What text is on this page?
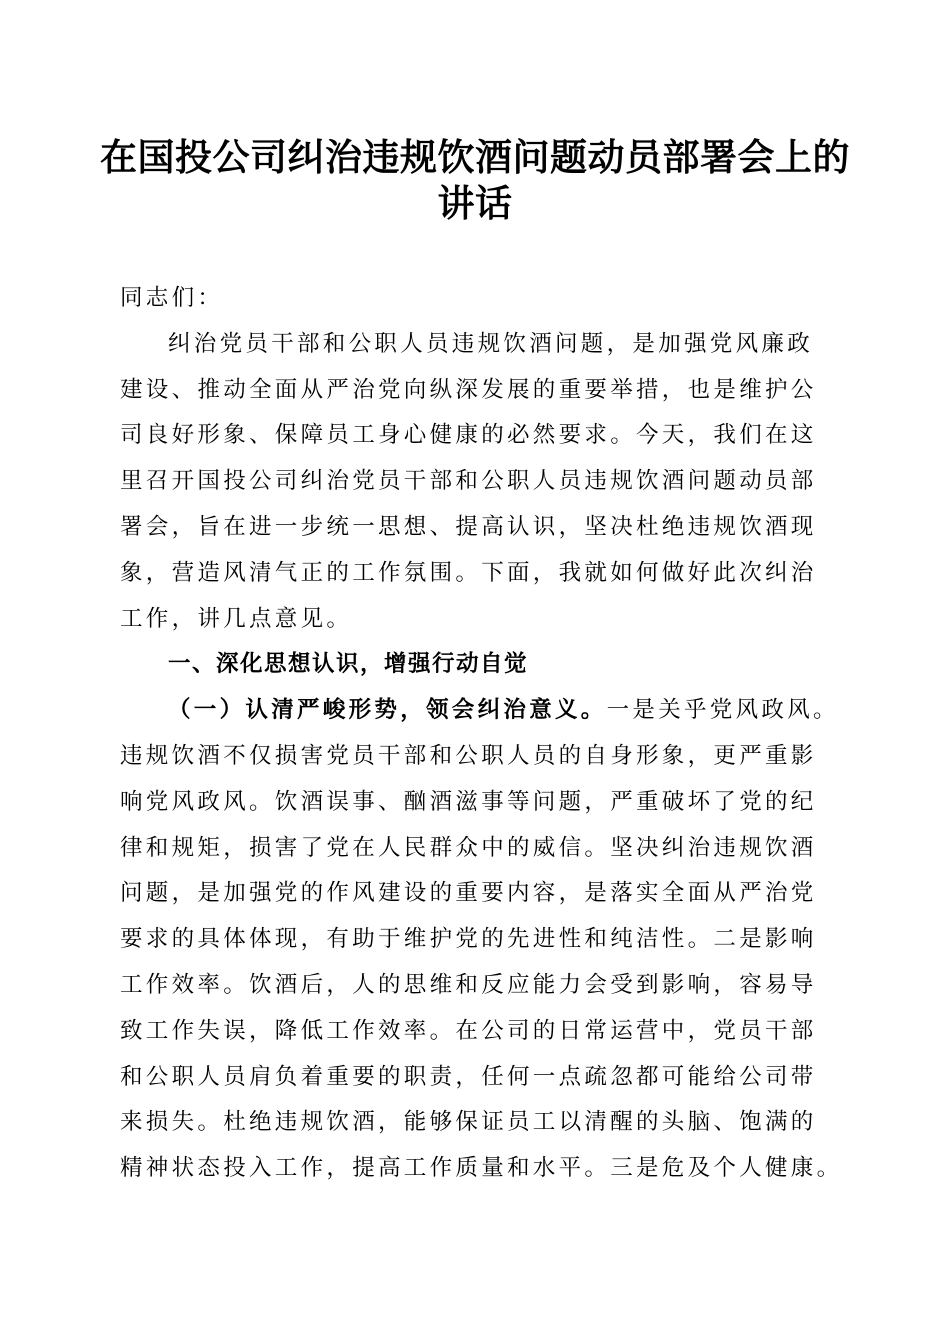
在国投公司纠治违规饮酒问题动员部署会上的
讲话
同志们：
纠治党员干部和公职人员违规饮酒问题，是加强党风廉政
建设、推动全面从严治党向纵深发展的重要举措，也是维护公
司良好形象、保障员工身心健康的必然要求。今天，我们在这
里召开国投公司纠治党员干部和公职人员违规饮酒问题动员部
署会，旨在进一步统一思想、提高认识，坚决杜绝违规饮酒现
象，营造风清气正的工作氛围。下面，我就如何做好此次纠治
工作，讲几点意见。
一、深化思想认识，增强行动自觉
（一）认清严峻形势，领会纠治意义。一是关乎党风政风。
违规饮酒不仅损害党员干部和公职人员的自身形象，更严重影
响党风政风。饮酒误事、酗酒滋事等问题，严重破坏了党的纪
律和规矩，损害了党在人民群众中的威信。坚决纠治违规饮酒
问题，是加强党的作风建设的重要内容，是落实全面从严治党
要求的具体体现，有助于维护党的先进性和纯洁性。二是影响
工作效率。饮酒后，人的思维和反应能力会受到影响，容易导
致工作失误，降低工作效率。在公司的日常运营中，党员干部
和公职人员肩负着重要的职责，任何一点疏忽都可能给公司带
来损失。杜绝违规饮酒，能够保证员工以清醒的头脑、饱满的
精神状态投入工作，提高工作质量和水平。三是危及个人健康。
